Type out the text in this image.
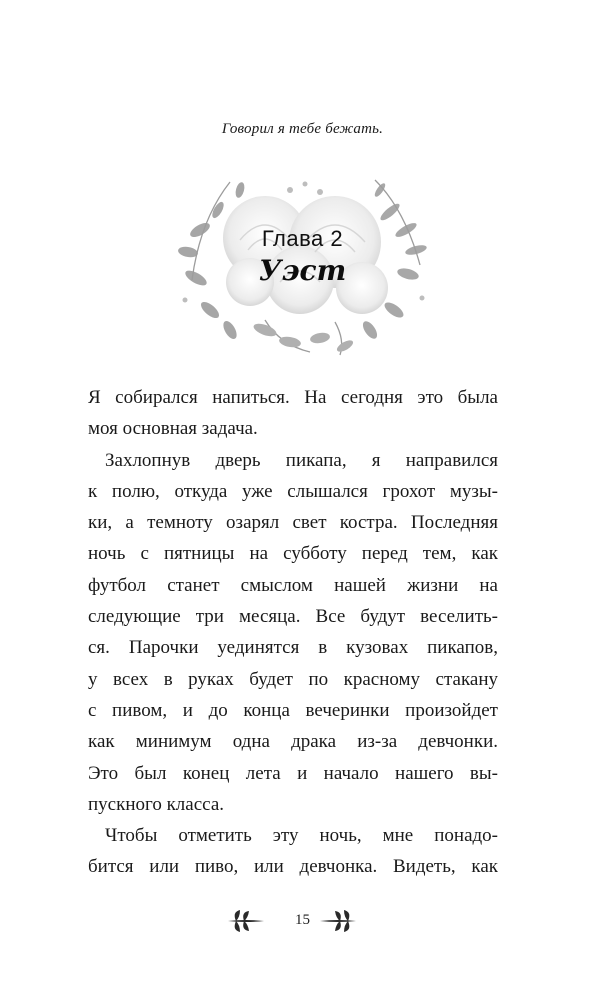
Говорил я тебе бежать.
Глава 2
Уэст
Я собирался напиться. На сегодня это была
моя основная задача.
Захлопнув дверь пикапа, я направился
к полю, откуда уже слышался грохот музы-
ки, а темноту озарял свет костра. Последняя
ночь с пятницы на субботу перед тем, как
футбол станет смыслом нашей жизни на
следующие три месяца. Все будут веселить-
ся. Парочки уединятся в кузовах пикапов,
у всех в руках будет по красному стакану
с пивом, и до конца вечеринки произойдет
как минимум одна драка из-за девчонки.
Это был конец лета и начало нашего вы-
пускного класса.
Чтобы отметить эту ночь, мне понадо-
бится или пиво, или девчонка. Видеть, как
15
